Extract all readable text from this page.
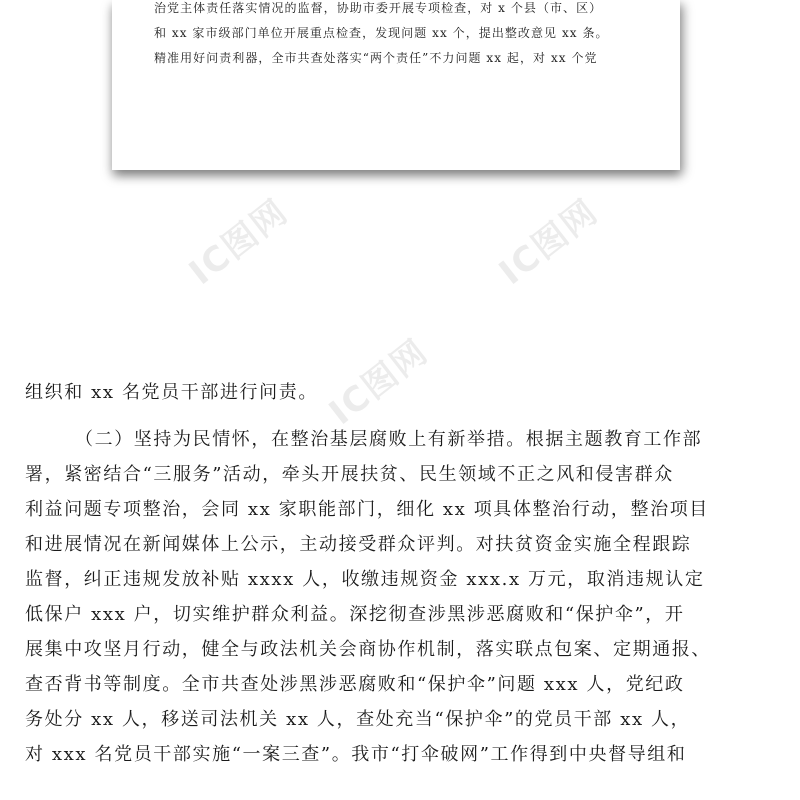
IC图网	IC图网
IC图网
治党主体责任落实情况的监督，协助市委开展专项检查，对 x 个县（市、区）
和 xx 家市级部门单位开展重点检查，发现问题 xx 个，提出整改意见 xx 条。
精准用好问责利器，全市共查处落实“两个责任”不力问题 xx 起，对 xx 个党
组织和 xx 名党员干部进行问责。
（二）坚持为民情怀，在整治基层腐败上有新举措。根据主题教育工作部
署，紧密结合“三服务”活动，牵头开展扶贫、民生领域不正之风和侵害群众
利益问题专项整治，会同 xx 家职能部门，细化 xx 项具体整治行动，整治项目
和进展情况在新闻媒体上公示，主动接受群众评判。对扶贫资金实施全程跟踪
监督，纠正违规发放补贴 xxxx 人，收缴违规资金 xxx.x 万元，取消违规认定
低保户 xxx 户，切实维护群众利益。深挖彻查涉黑涉恶腐败和“保护伞”，开
展集中攻坚月行动，健全与政法机关会商协作机制，落实联点包案、定期通报、
查否背书等制度。全市共查处涉黑涉恶腐败和“保护伞”问题 xxx 人，党纪政
务处分 xx 人，移送司法机关 xx 人，查处充当“保护伞”的党员干部 xx 人，
对 xxx 名党员干部实施“一案三查”。我市“打伞破网”工作得到中央督导组和
